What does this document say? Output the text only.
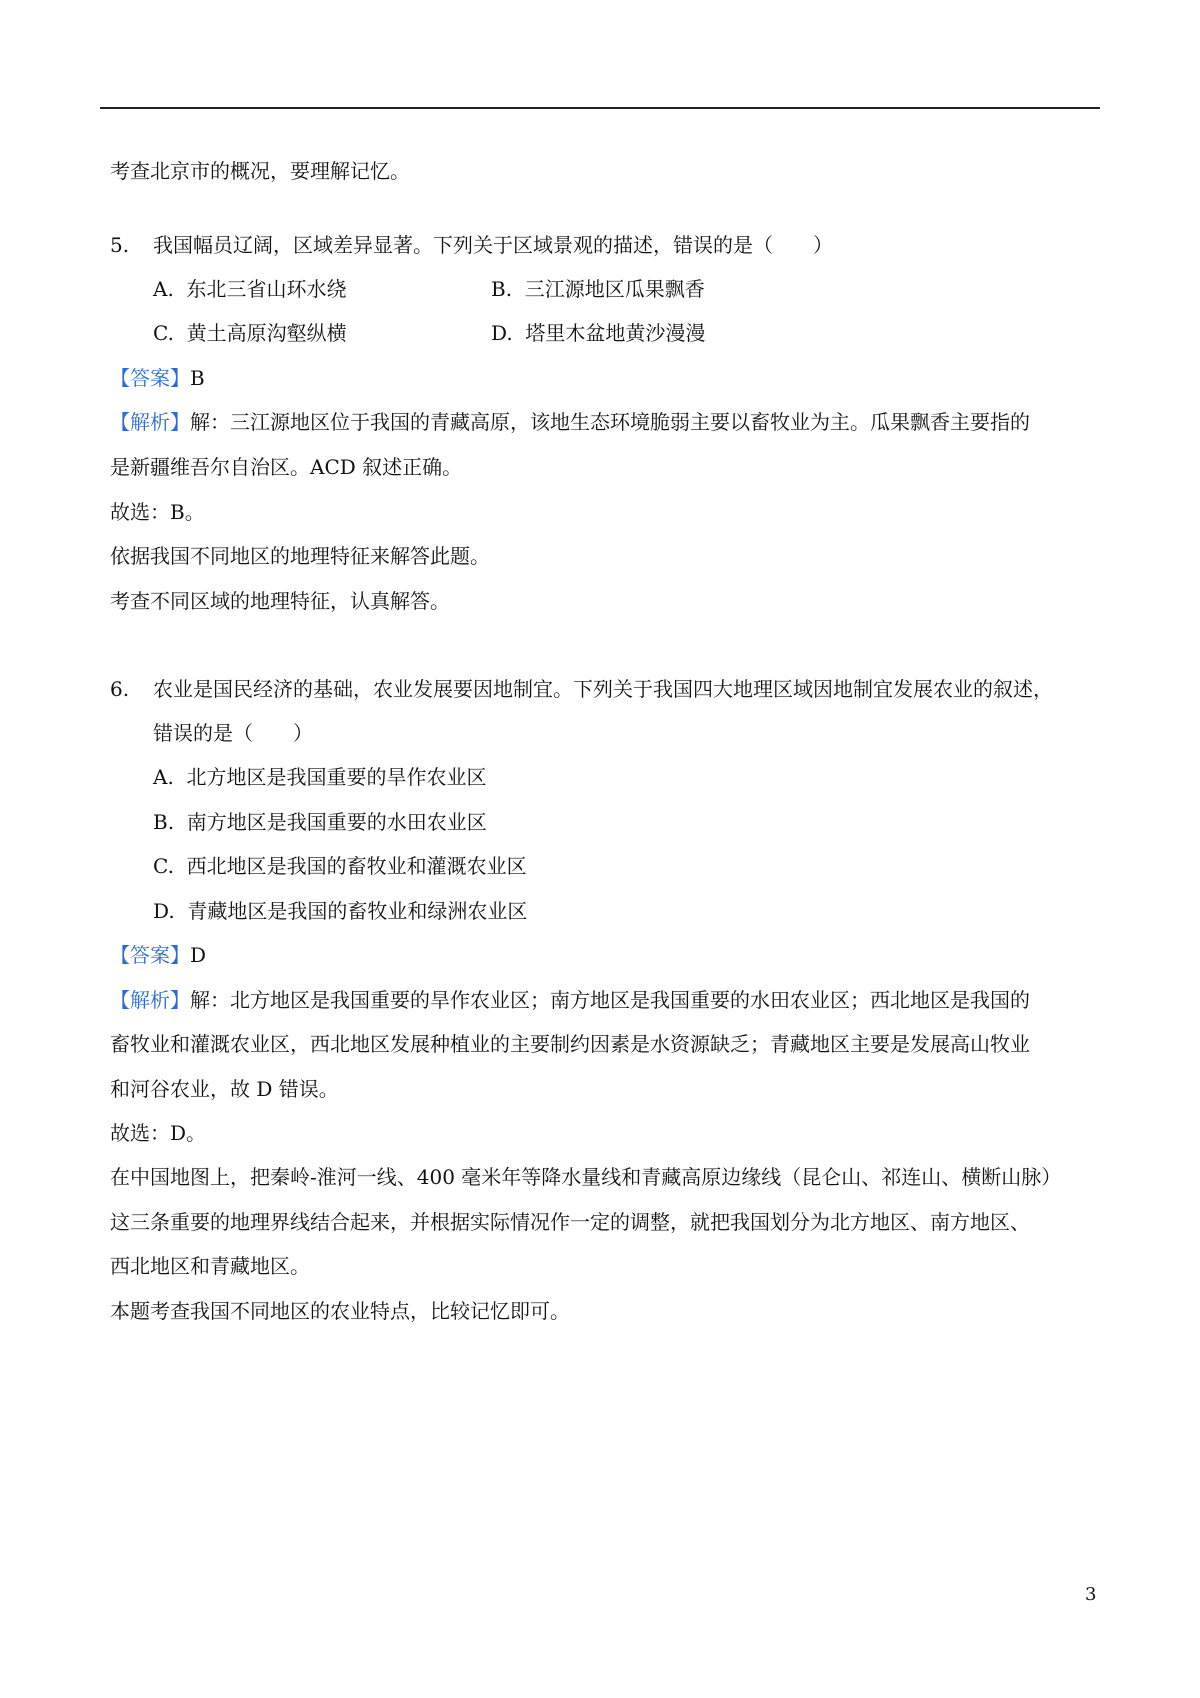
考查北京市的概况，要理解记忆。
5. 我国幅员辽阔，区域差异显著。下列关于区域景观的描述，错误的是（　　）
A. 东北三省山环水绕	B. 三江源地区瓜果飘香
C. 黄土高原沟壑纵横	D. 塔里木盆地黄沙漫漫
【答案】B
【解析】解：三江源地区位于我国的青藏高原，该地生态环境脆弱主要以畜牧业为主。瓜果飘香主要指的
是新疆维吾尔自治区。ACD 叙述正确。
故选：B。
依据我国不同地区的地理特征来解答此题。
考查不同区域的地理特征，认真解答。
6. 农业是国民经济的基础，农业发展要因地制宜。下列关于我国四大地理区域因地制宜发展农业的叙述，
错误的是（　　）
A. 北方地区是我国重要的旱作农业区
B. 南方地区是我国重要的水田农业区
C. 西北地区是我国的畜牧业和灌溉农业区
D. 青藏地区是我国的畜牧业和绿洲农业区
【答案】D
【解析】解：北方地区是我国重要的旱作农业区；南方地区是我国重要的水田农业区；西北地区是我国的
畜牧业和灌溉农业区，西北地区发展种植业的主要制约因素是水资源缺乏；青藏地区主要是发展高山牧业
和河谷农业，故 D 错误。
故选：D。
在中国地图上，把秦岭-淮河一线、400 毫米年等降水量线和青藏高原边缘线（昆仑山、祁连山、横断山脉）
这三条重要的地理界线结合起来，并根据实际情况作一定的调整，就把我国划分为北方地区、南方地区、
西北地区和青藏地区。
本题考查我国不同地区的农业特点，比较记忆即可。
3
